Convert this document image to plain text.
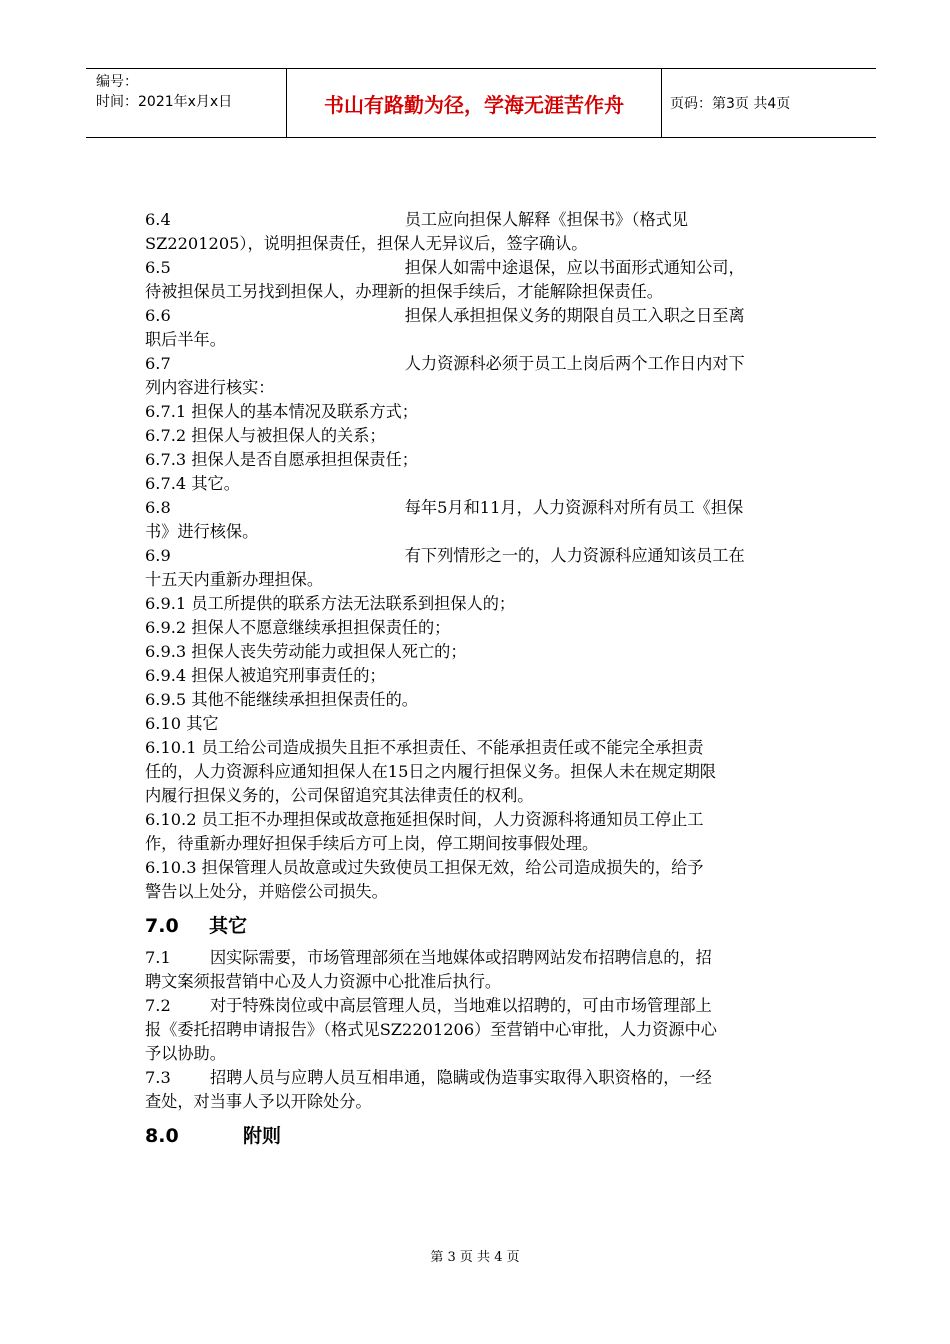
编号：
时间：2021年x月x日	书山有路勤为径，学海无涯苦作舟	页码：第3页 共4页
6.4	员工应向担保人解释《担保书》（格式见
SZ2201205），说明担保责任，担保人无异议后，签字确认。
6.5	担保人如需中途退保，应以书面形式通知公司，
待被担保员工另找到担保人，办理新的担保手续后，才能解除担保责任。
6.6	担保人承担担保义务的期限自员工入职之日至离
职后半年。
6.7	人力资源科必须于员工上岗后两个工作日内对下
列内容进行核实：
6.7.1 担保人的基本情况及联系方式；
6.7.2 担保人与被担保人的关系；
6.7.3 担保人是否自愿承担担保责任；
6.7.4 其它。
6.8	每年5月和11月，人力资源科对所有员工《担保
书》进行核保。
6.9	有下列情形之一的，人力资源科应通知该员工在
十五天内重新办理担保。
6.9.1 员工所提供的联系方法无法联系到担保人的；
6.9.2 担保人不愿意继续承担担保责任的；
6.9.3 担保人丧失劳动能力或担保人死亡的；
6.9.4 担保人被追究刑事责任的；
6.9.5 其他不能继续承担担保责任的。
6.10 其它
6.10.1 员工给公司造成损失且拒不承担责任、不能承担责任或不能完全承担责
任的，人力资源科应通知担保人在15日之内履行担保义务。担保人未在规定期限
内履行担保义务的，公司保留追究其法律责任的权利。
6.10.2 员工拒不办理担保或故意拖延担保时间，人力资源科将通知员工停止工
作，待重新办理好担保手续后方可上岗，停工期间按事假处理。
6.10.3 担保管理人员故意或过失致使员工担保无效，给公司造成损失的，给予
警告以上处分，并赔偿公司损失。
7.0 其它
7.1 因实际需要，市场管理部须在当地媒体或招聘网站发布招聘信息的，招
聘文案须报营销中心及人力资源中心批准后执行。
7.2 对于特殊岗位或中高层管理人员，当地难以招聘的，可由市场管理部上
报《委托招聘申请报告》（格式见SZ2201206）至营销中心审批，人力资源中心
予以协助。
7.3 招聘人员与应聘人员互相串通，隐瞒或伪造事实取得入职资格的，一经
查处，对当事人予以开除处分。
8.0	附则
第 3 页 共 4 页
